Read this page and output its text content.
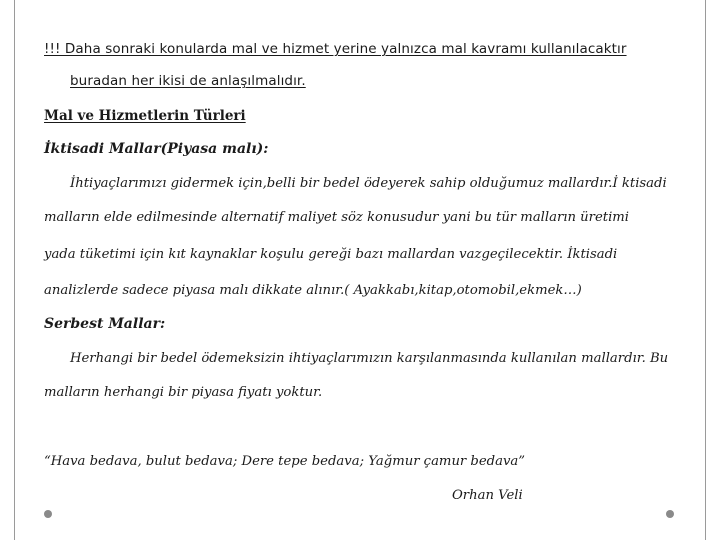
!!! Daha sonraki konularda mal ve hizmet yerine yalnızca mal kavramı kullanılacaktır
buradan her ikisi de anlaşılmalıdır.
Mal ve Hizmetlerin Türleri
İktisadi Mallar(Piyasa malı):
İhtiyaçlarımızı gidermek için,belli bir bedel ödeyerek sahip olduğumuz mallardır.İ ktisadi
malların elde edilmesinde alternatif maliyet söz konusudur yani bu tür malların üretimi
yada tüketimi için kıt kaynaklar koşulu gereği bazı mallardan vazgeçilecektir. İktisadi
analizlerde sadece piyasa malı dikkate alınır.( Ayakkabı,kitap,otomobil,ekmek…)
Serbest Mallar:
Herhangi bir bedel ödemeksizin ihtiyaçlarımızın karşılanmasında kullanılan mallardır. Bu
malların herhangi bir piyasa fiyatı yoktur.
“Hava bedava, bulut bedava; Dere tepe bedava; Yağmur çamur bedava”
Orhan Veli
